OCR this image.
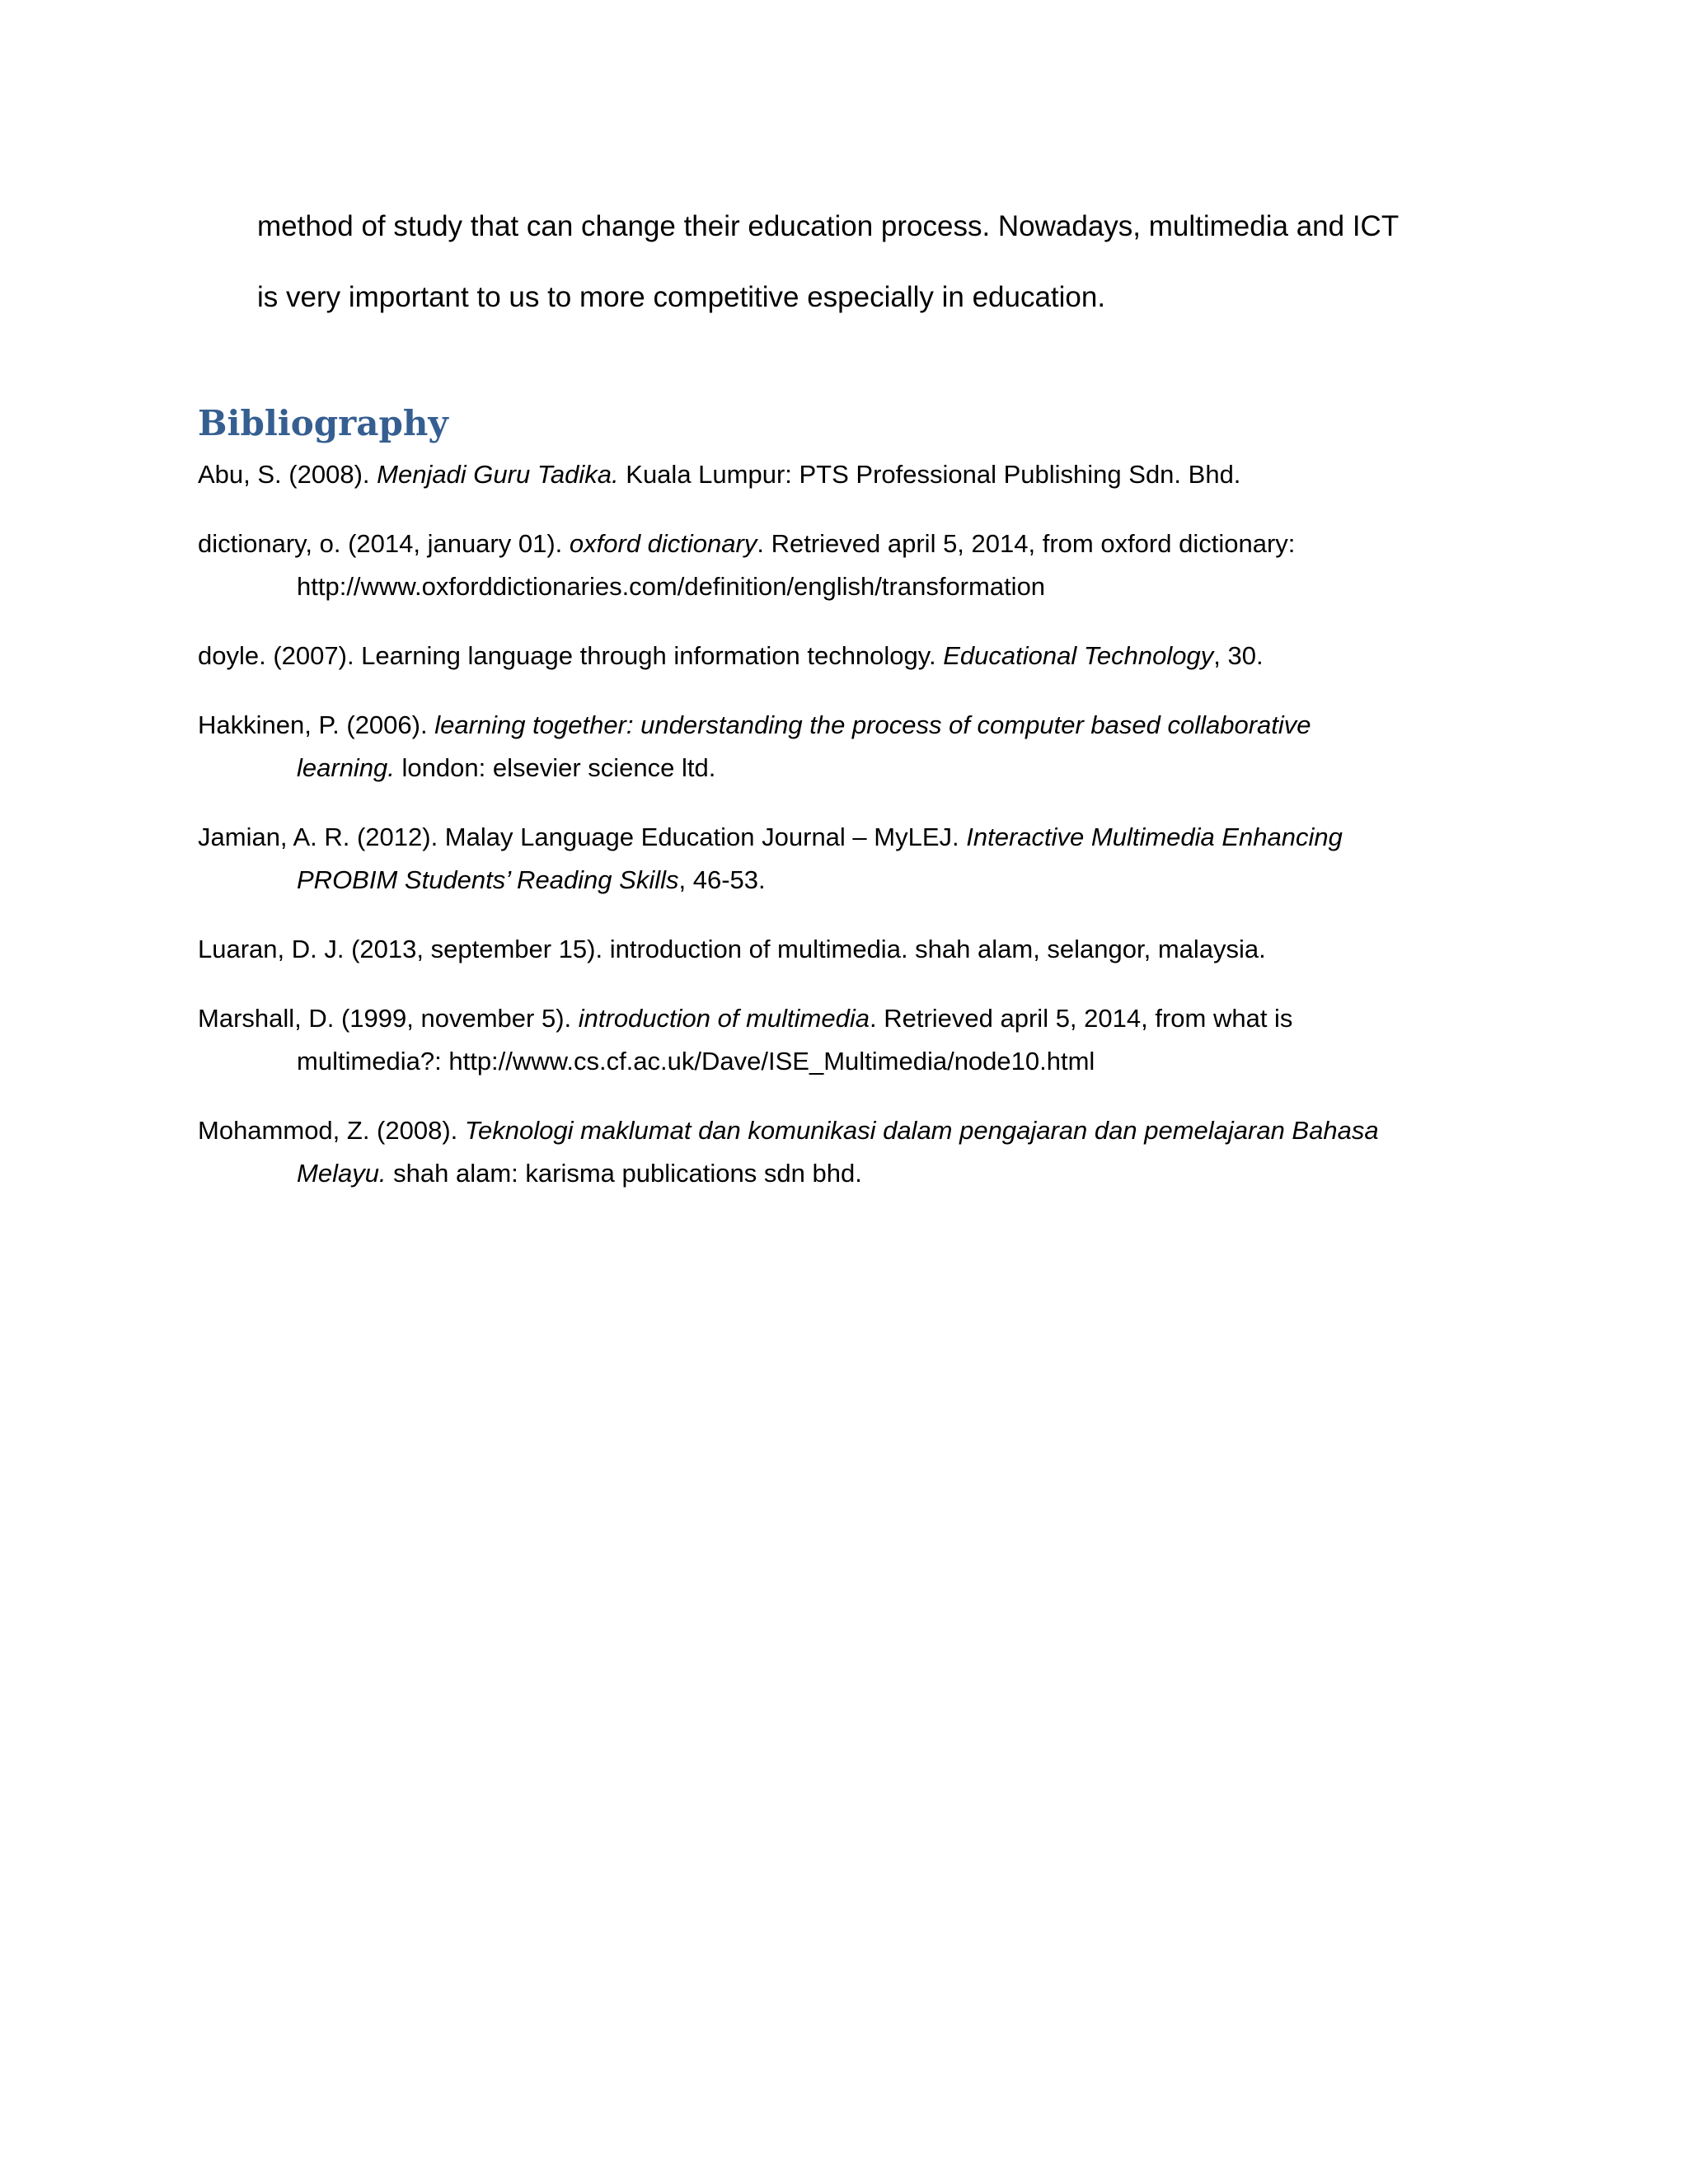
method of study that can change their education process. Nowadays, multimedia and ICT
is very important to us to more competitive especially in education.

Bibliography
Abu, S. (2008). Menjadi Guru Tadika. Kuala Lumpur: PTS Professional Publishing Sdn. Bhd.
dictionary, o. (2014, january 01). oxford dictionary. Retrieved april 5, 2014, from oxford dictionary:
http://www.oxforddictionaries.com/definition/english/transformation
doyle. (2007). Learning language through information technology. Educational Technology, 30.
Hakkinen, P. (2006). learning together: understanding the process of computer based collaborative
learning. london: elsevier science ltd.
Jamian, A. R. (2012). Malay Language Education Journal – MyLEJ. Interactive Multimedia Enhancing
PROBIM Students’ Reading Skills, 46-53.
Luaran, D. J. (2013, september 15). introduction of multimedia. shah alam, selangor, malaysia.
Marshall, D. (1999, november 5). introduction of multimedia. Retrieved april 5, 2014, from what is
multimedia?: http://www.cs.cf.ac.uk/Dave/ISE_Multimedia/node10.html
Mohammod, Z. (2008). Teknologi maklumat dan komunikasi dalam pengajaran dan pemelajaran Bahasa
Melayu. shah alam: karisma publications sdn bhd.
